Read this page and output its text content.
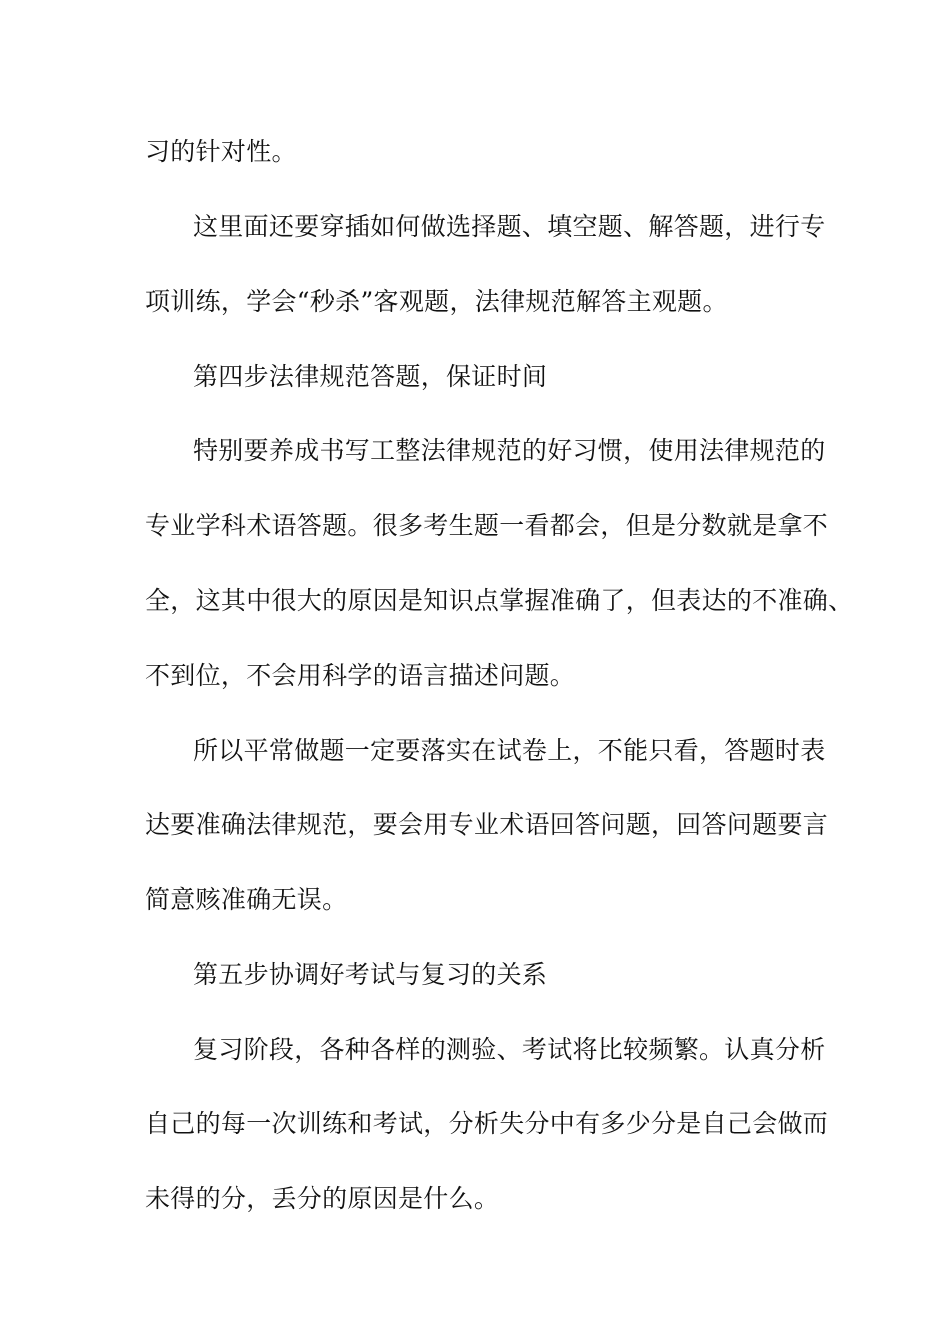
习的针对性。

这里面还要穿插如何做选择题、填空题、解答题，进行专

项训练，学会“秒杀”客观题，法律规范解答主观题。

第四步法律规范答题，保证时间

特别要养成书写工整法律规范的好习惯，使用法律规范的

专业学科术语答题。很多考生题一看都会，但是分数就是拿不

全，这其中很大的原因是知识点掌握准确了，但表达的不准确、

不到位，不会用科学的语言描述问题。

所以平常做题一定要落实在试卷上，不能只看，答题时表

达要准确法律规范，要会用专业术语回答问题，回答问题要言

简意赅准确无误。

第五步协调好考试与复习的关系

复习阶段，各种各样的测验、考试将比较频繁。认真分析

自己的每一次训练和考试，分析失分中有多少分是自己会做而

未得的分，丢分的原因是什么。
